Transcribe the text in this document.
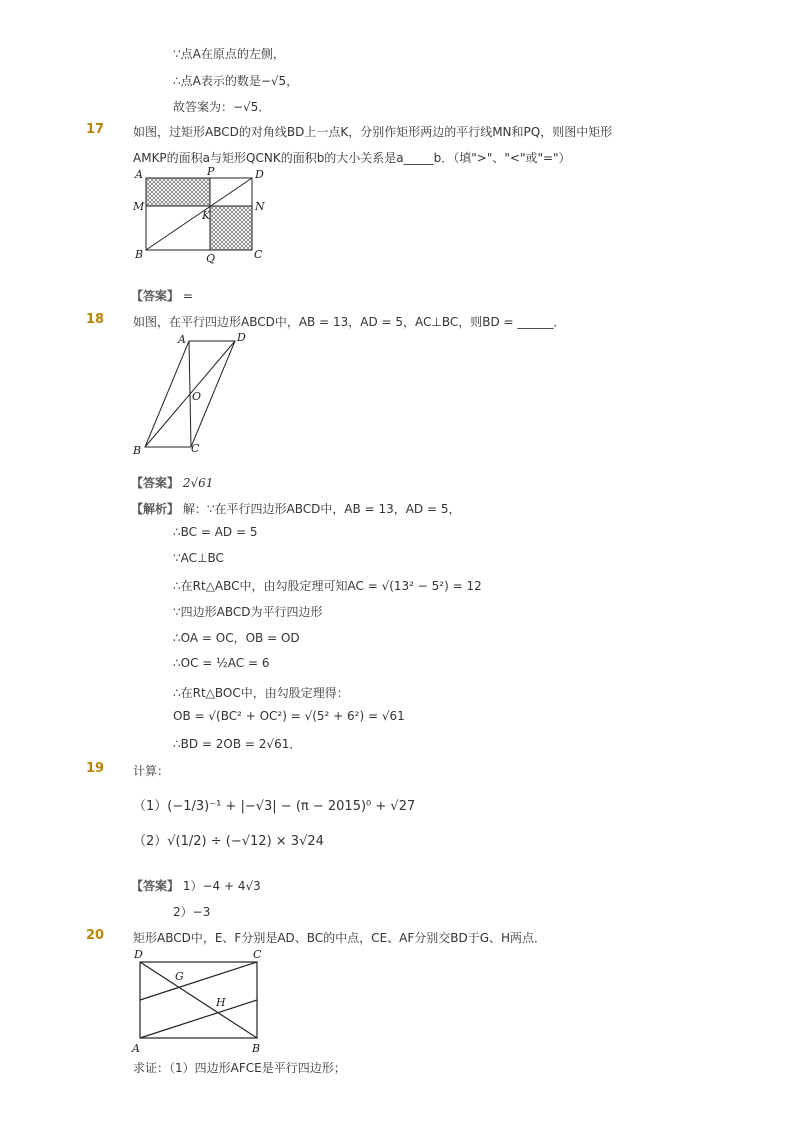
∵点A在原点的左侧，
∴点A表示的数是−√5，
故答案为：−√5．
17 如图，过矩形ABCD的对角线BD上一点K，分别作矩形两边的平行线MN和PQ，则图中矩形
AMKP的面积a与矩形QCNK的面积b的大小关系是a_____b．（填">"、"<"或"="）
A	P	D
M
K
N
B	Q	C
【答案】 =
18 如图，在平行四边形ABCD中，AB = 13，AD = 5，AC⊥BC，则BD = ______．
A	D
O
B	C
【答案】 2√61
【解析】 解：∵在平行四边形ABCD中，AB = 13，AD = 5，
∴BC = AD = 5
∵AC⊥BC
∴在Rt△ABC中，由勾股定理可知AC = √(13² − 5²) = 12
∵四边形ABCD为平行四边形
∴OA = OC，OB = OD
∴OC = ½AC = 6
∴在Rt△BOC中，由勾股定理得：
OB = √(BC² + OC²) = √(5² + 6²) = √61
∴BD = 2OB = 2√61．
19 计算：
（1）(−1/3)⁻¹ + |−√3| − (π − 2015)⁰ + √27
（2）√(1/2) ÷ (−√12) × 3√24
【答案】 1）−4 + 4√3
2）−3
20 矩形ABCD中，E、F分别是AD、BC的中点，CE、AF分别交BD于G、H两点．
D	C
G
H
A	B
求证：（1）四边形AFCE是平行四边形；
